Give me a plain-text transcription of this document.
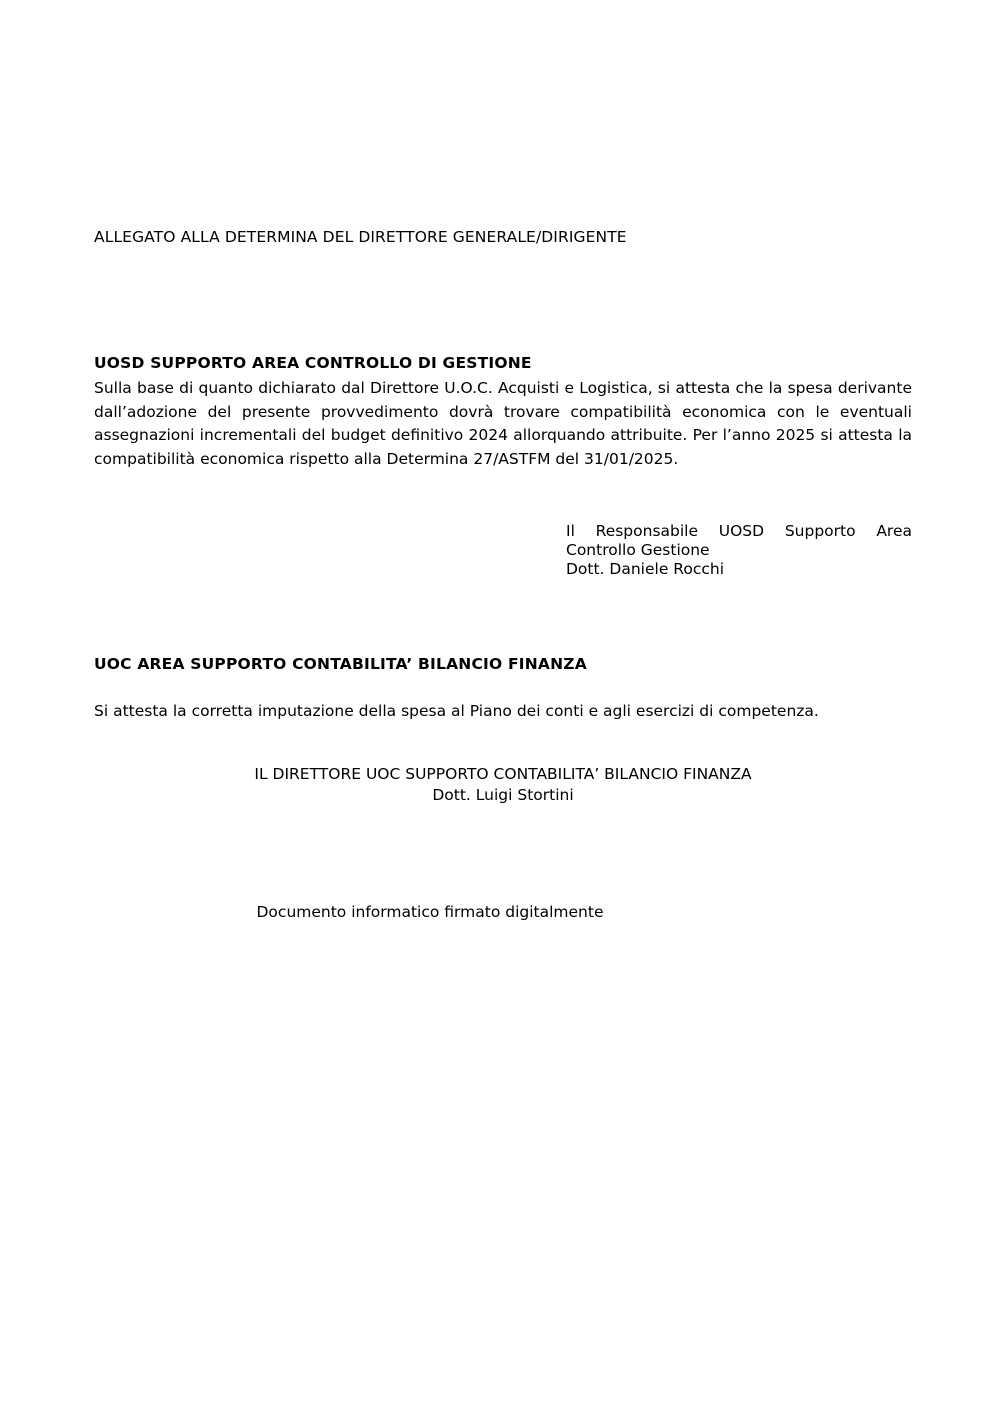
ALLEGATO ALLA DETERMINA DEL DIRETTORE GENERALE/DIRIGENTE
UOSD SUPPORTO AREA CONTROLLO DI GESTIONE
Sulla base di quanto dichiarato dal Direttore U.O.C. Acquisti e Logistica, si attesta che la spesa derivante dall’adozione del presente provvedimento dovrà trovare compatibilità economica con le eventuali assegnazioni incrementali del budget definitivo 2024 allorquando attribuite. Per l’anno 2025 si attesta la compatibilità economica rispetto alla Determina 27/ASTFM del 31/01/2025.
Il Responsabile UOSD Supporto Area
Controllo Gestione
Dott. Daniele Rocchi
UOC AREA SUPPORTO CONTABILITA’ BILANCIO FINANZA
Si attesta la corretta imputazione della spesa al Piano dei conti e agli esercizi di competenza.
IL DIRETTORE UOC SUPPORTO CONTABILITA’ BILANCIO FINANZA
Dott. Luigi Stortini
Documento informatico firmato digitalmente
